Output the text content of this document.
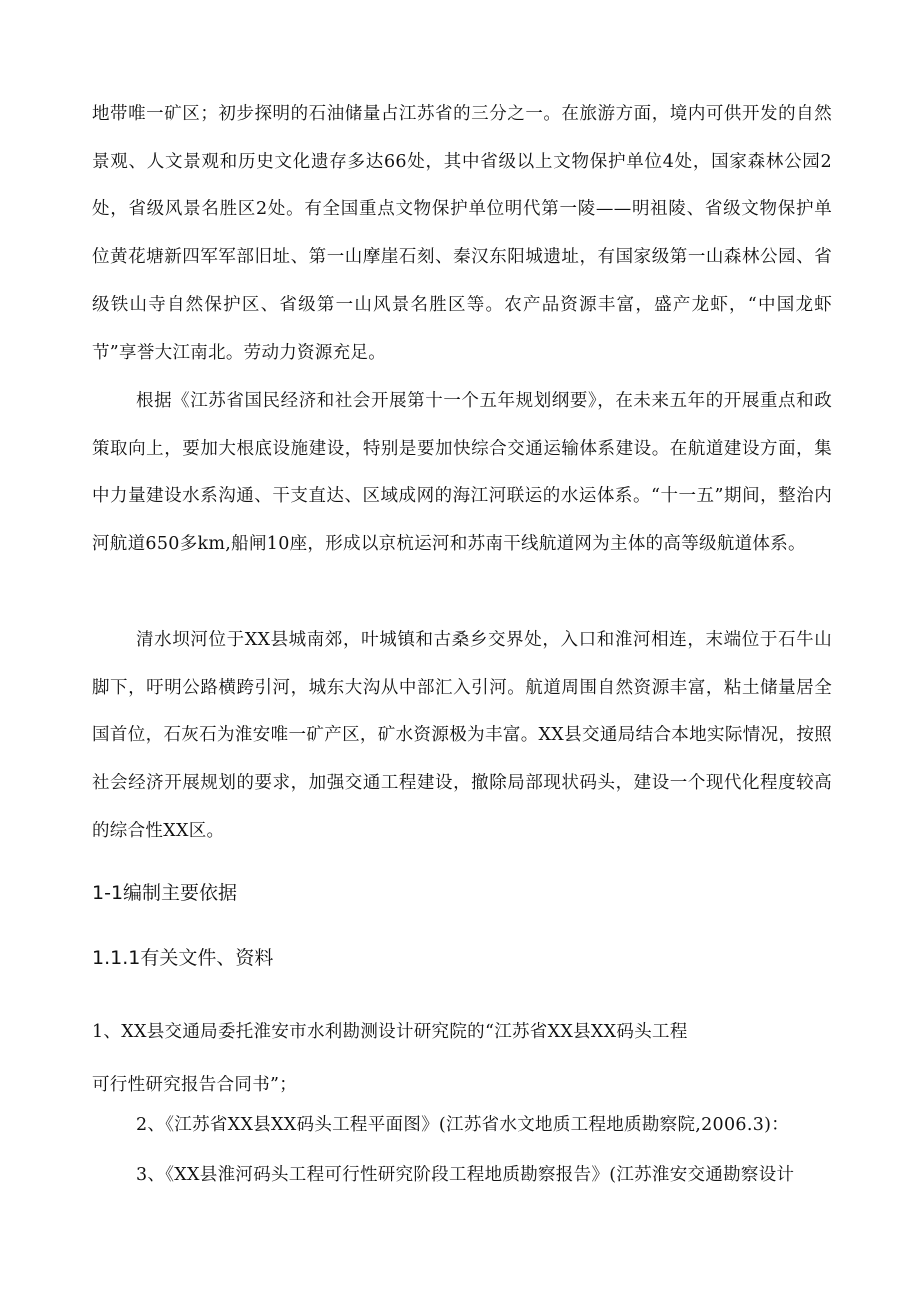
地带唯一矿区；初步探明的石油储量占江苏省的三分之一。在旅游方面，境内可供开发的自然景观、人文景观和历史文化遗存多达66处，其中省级以上文物保护单位4处，国家森林公园2处，省级风景名胜区2处。有全国重点文物保护单位明代第一陵——明祖陵、省级文物保护单位黄花塘新四军军部旧址、第一山摩崖石刻、秦汉东阳城遗址，有国家级第一山森林公园、省级铁山寺自然保护区、省级第一山风景名胜区等。农产品资源丰富，盛产龙虾，“中国龙虾节”享誉大江南北。劳动力资源充足。

根据《江苏省国民经济和社会开展第十一个五年规划纲要》，在未来五年的开展重点和政策取向上，要加大根底设施建设，特别是要加快综合交通运输体系建设。在航道建设方面，集中力量建设水系沟通、干支直达、区域成网的海江河联运的水运体系。“十一五”期间，整治内河航道650多km,船闸10座，形成以京杭运河和苏南干线航道网为主体的高等级航道体系。

清水坝河位于XX县城南郊，叶城镇和古桑乡交界处，入口和淮河相连，末端位于石牛山脚下，吁明公路横跨引河，城东大沟从中部汇入引河。航道周围自然资源丰富，粘土储量居全国首位，石灰石为淮安唯一矿产区，矿水资源极为丰富。XX县交通局结合本地实际情况，按照社会经济开展规划的要求，加强交通工程建设，撤除局部现状码头，建设一个现代化程度较高的综合性XX区。

1-1编制主要依据
1.1.1有关文件、资料

1、XX县交通局委托淮安市水利勘测设计研究院的“江苏省XX县XX码头工程

可行性研究报告合同书”；

2、《江苏省XX县XX码头工程平面图》(江苏省水文地质工程地质勘察院,2006.3)：

3、《XX县淮河码头工程可行性研究阶段工程地质勘察报告》(江苏淮安交通勘察设计
